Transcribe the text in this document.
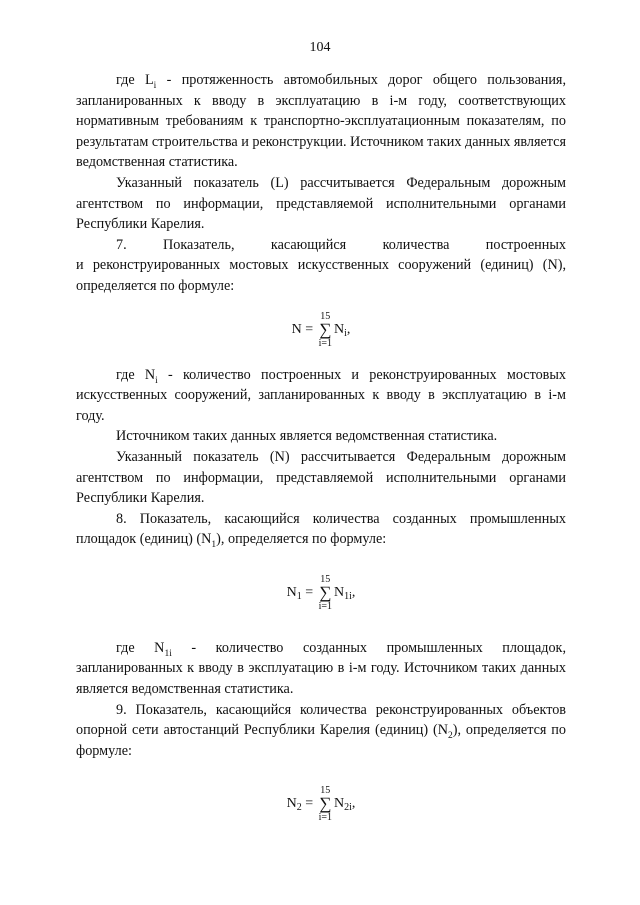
104

где $L_i$ - протяженность автомобильных дорог общего пользования, запланированных к вводу в эксплуатацию в i-м году, соответствующих нормативным требованиям к транспортно-эксплуатационным показателям, по результатам строительства и реконструкции. Источником таких данных является ведомственная статистика.

Указанный показатель (L) рассчитывается Федеральным дорожным агентством по информации, представляемой исполнительными органами Республики Карелия.

7. Показатель, касающийся количества построенных

и реконструированных мостовых искусственных сооружений (единиц) (N), определяется по формуле:

N =
15
∑
i=1
N i ,

где $N_i$ - количество построенных и реконструированных мостовых искусственных сооружений, запланированных к вводу в эксплуатацию в i-м году.

Источником таких данных является ведомственная статистика.

Указанный показатель (N) рассчитывается Федеральным дорожным агентством по информации, представляемой исполнительными органами Республики Карелия.

8. Показатель, касающийся количества созданных промышленных площадок (единиц) $(N_1)$, определяется по формуле:

N 1 =
15
∑
i=1
N 1i ,

где $N_{1i}$ - количество созданных промышленных площадок, запланированных к вводу в эксплуатацию в i-м году. Источником таких данных является ведомственная статистика.

9. Показатель, касающийся количества реконструированных объектов опорной сети автостанций Республики Карелия (единиц) $(N_2)$, определяется по формуле:

N 2 =
15
∑
i=1
N 2i ,
